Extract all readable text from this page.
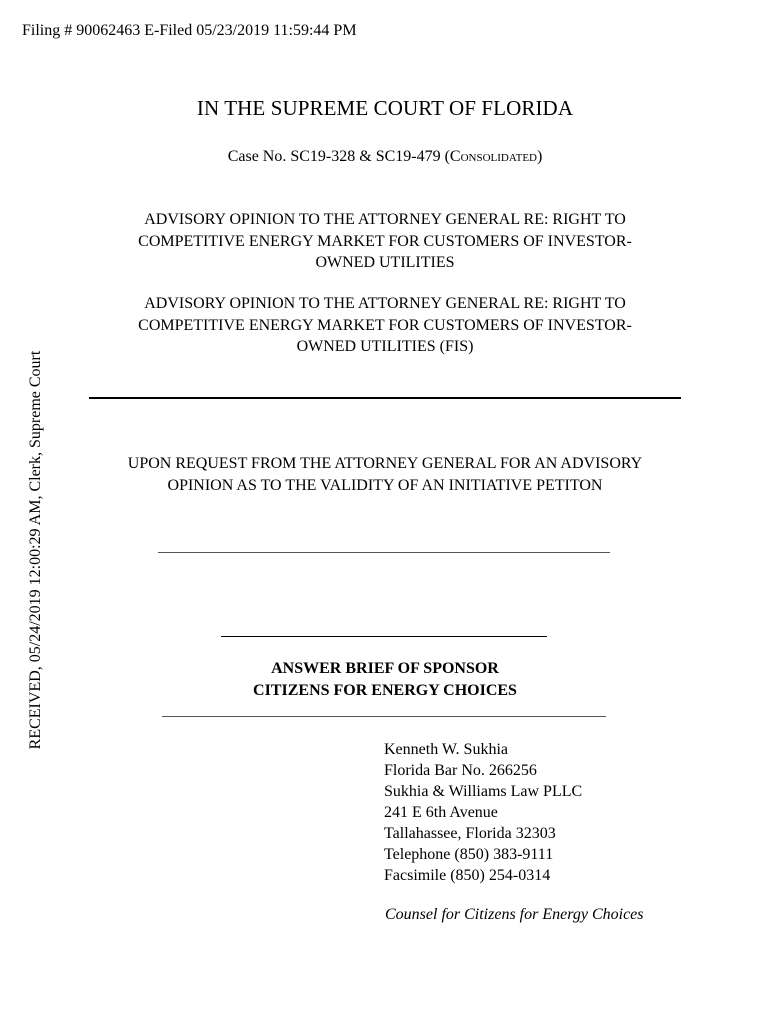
Filing # 90062463 E-Filed 05/23/2019 11:59:44 PM
RECEIVED, 05/24/2019 12:00:29 AM, Clerk, Supreme Court
IN THE SUPREME COURT OF FLORIDA
Case No. SC19-328 & SC19-479 (Consolidated)
ADVISORY OPINION TO THE ATTORNEY GENERAL RE: RIGHT TO
COMPETITIVE ENERGY MARKET FOR CUSTOMERS OF INVESTOR-
OWNED UTILITIES
ADVISORY OPINION TO THE ATTORNEY GENERAL RE: RIGHT TO
COMPETITIVE ENERGY MARKET FOR CUSTOMERS OF INVESTOR-
OWNED UTILITIES (FIS)
UPON REQUEST FROM THE ATTORNEY GENERAL FOR AN ADVISORY
OPINION AS TO THE VALIDITY OF AN INITIATIVE PETITON
ANSWER BRIEF OF SPONSOR
CITIZENS FOR ENERGY CHOICES
Kenneth W. Sukhia
Florida Bar No. 266256
Sukhia & Williams Law PLLC
241 E 6th Avenue
Tallahassee, Florida 32303
Telephone (850) 383-9111
Facsimile (850) 254-0314
Counsel for Citizens for Energy Choices
